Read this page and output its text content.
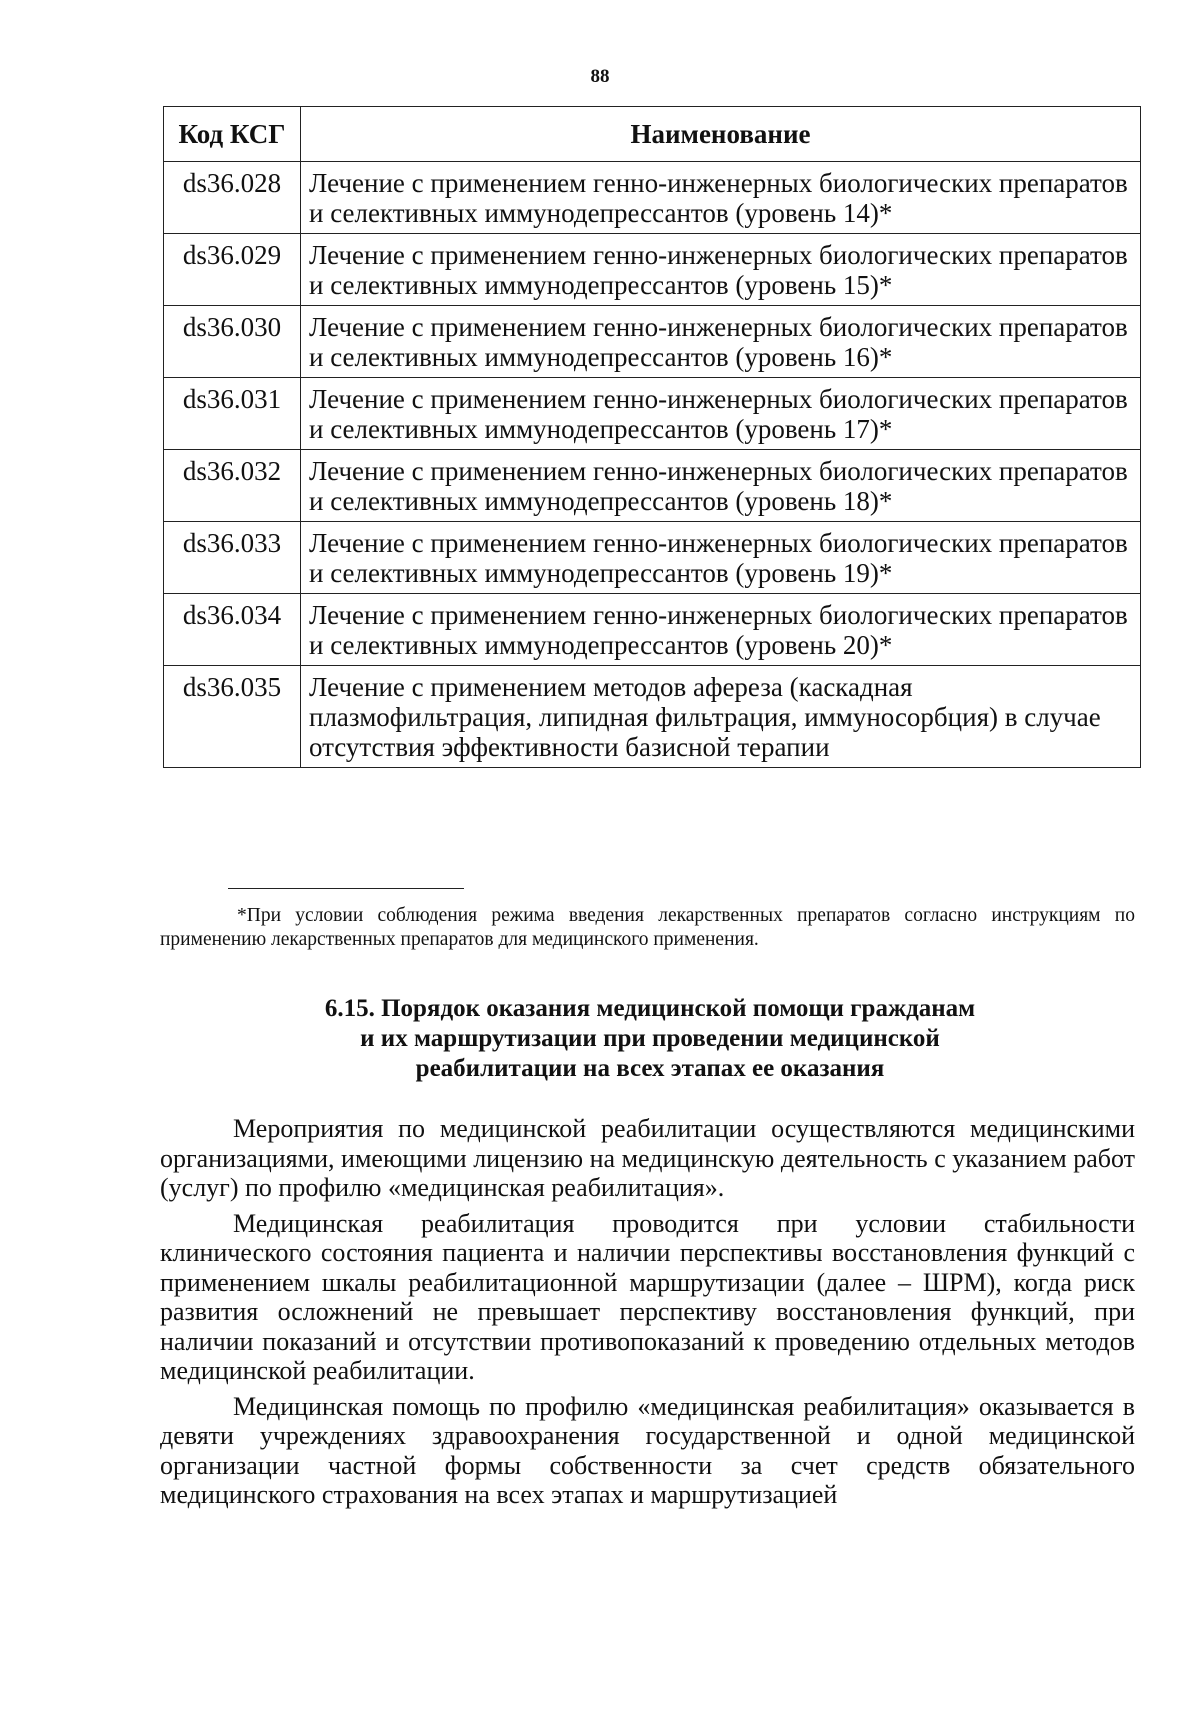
88
Код КСГ	Наименование
ds36.028	Лечение с применением генно-инженерных биологических препаратов и селективных иммунодепрессантов (уровень 14)*
ds36.029	Лечение с применением генно-инженерных биологических препаратов и селективных иммунодепрессантов (уровень 15)*
ds36.030	Лечение с применением генно-инженерных биологических препаратов и селективных иммунодепрессантов (уровень 16)*
ds36.031	Лечение с применением генно-инженерных биологических препаратов и селективных иммунодепрессантов (уровень 17)*
ds36.032	Лечение с применением генно-инженерных биологических препаратов и селективных иммунодепрессантов (уровень 18)*
ds36.033	Лечение с применением генно-инженерных биологических препаратов и селективных иммунодепрессантов (уровень 19)*
ds36.034	Лечение с применением генно-инженерных биологических препаратов и селективных иммунодепрессантов (уровень 20)*
ds36.035	Лечение с применением методов афереза (каскадная плазмофильтрация, липидная фильтрация, иммуносорбция) в случае отсутствия эффективности базисной терапии
*При условии соблюдения режима введения лекарственных препаратов согласно инструкциям по применению лекарственных препаратов для медицинского применения.
6.15. Порядок оказания медицинской помощи гражданам
и их маршрутизации при проведении медицинской
реабилитации на всех этапах ее оказания

Мероприятия по медицинской реабилитации осуществляются медицинскими организациями, имеющими лицензию на медицинскую деятельность с указанием работ (услуг) по профилю «медицинская реабилитация».

Медицинская реабилитация проводится при условии стабильности клинического состояния пациента и наличии перспективы восстановления функций с применением шкалы реабилитационной маршрутизации (далее – ШРМ), когда риск развития осложнений не превышает перспективу восстановления функций, при наличии показаний и отсутствии противопоказаний к проведению отдельных методов медицинской реабилитации.

Медицинская помощь по профилю «медицинская реабилитация» оказывается в девяти учреждениях здравоохранения государственной и одной медицинской организации частной формы собственности за счет средств обязательного медицинского страхования на всех этапах и маршрутизацией
